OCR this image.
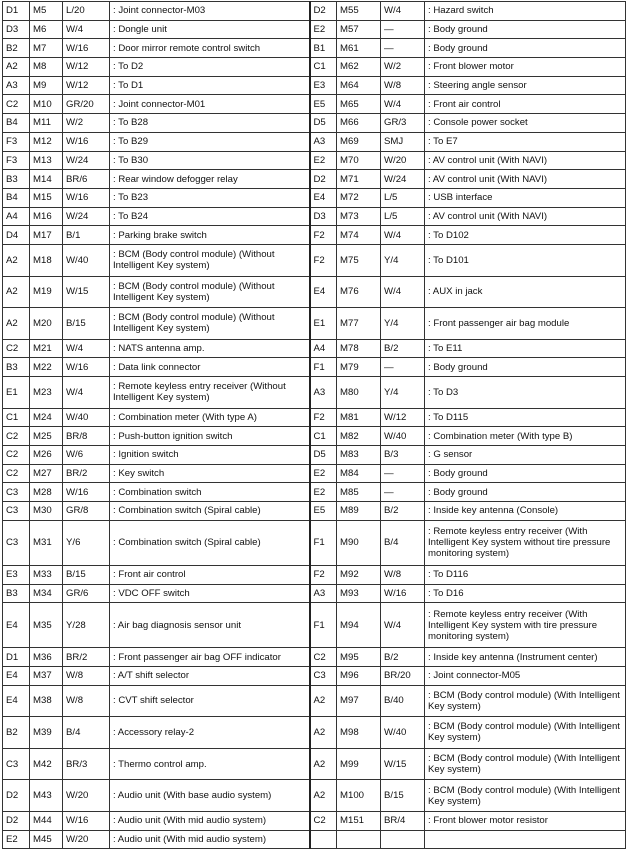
D1	M5	L/20	: Joint connector-M03	D2	M55	W/4	: Hazard switch
D3	M6	W/4	: Dongle unit	E2	M57	—	: Body ground
B2	M7	W/16	: Door mirror remote control switch	B1	M61	—	: Body ground
A2	M8	W/12	: To D2	C1	M62	W/2	: Front blower motor
A3	M9	W/12	: To D1	E3	M64	W/8	: Steering angle sensor
C2	M10	GR/20	: Joint connector-M01	E5	M65	W/4	: Front air control
B4	M11	W/2	: To B28	D5	M66	GR/3	: Console power socket
F3	M12	W/16	: To B29	A3	M69	SMJ	: To E7
F3	M13	W/24	: To B30	E2	M70	W/20	: AV control unit (With NAVI)
B3	M14	BR/6	: Rear window defogger relay	D2	M71	W/24	: AV control unit (With NAVI)
B4	M15	W/16	: To B23	E4	M72	L/5	: USB interface
A4	M16	W/24	: To B24	D3	M73	L/5	: AV control unit (With NAVI)
D4	M17	B/1	: Parking brake switch	F2	M74	W/4	: To D102
A2	M18	W/40	: BCM (Body control module) (Without Intelligent Key system)	F2	M75	Y/4	: To D101
A2	M19	W/15	: BCM (Body control module) (Without Intelligent Key system)	E4	M76	W/4	: AUX in jack
A2	M20	B/15	: BCM (Body control module) (Without Intelligent Key system)	E1	M77	Y/4	: Front passenger air bag module
C2	M21	W/4	: NATS antenna amp.	A4	M78	B/2	: To E11
B3	M22	W/16	: Data link connector	F1	M79	—	: Body ground
E1	M23	W/4	: Remote keyless entry receiver (Without Intelligent Key system)	A3	M80	Y/4	: To D3
C1	M24	W/40	: Combination meter (With type A)	F2	M81	W/12	: To D115
C2	M25	BR/8	: Push-button ignition switch	C1	M82	W/40	: Combination meter (With type B)
C2	M26	W/6	: Ignition switch	D5	M83	B/3	: G sensor
C2	M27	BR/2	: Key switch	E2	M84	—	: Body ground
C3	M28	W/16	: Combination switch	E2	M85	—	: Body ground
C3	M30	GR/8	: Combination switch (Spiral cable)	E5	M89	B/2	: Inside key antenna (Console)
C3	M31	Y/6	: Combination switch (Spiral cable)	F1	M90	B/4	: Remote keyless entry receiver (With Intelligent Key system without tire pressure monitoring system)
E3	M33	B/15	: Front air control	F2	M92	W/8	: To D116
B3	M34	GR/6	: VDC OFF switch	A3	M93	W/16	: To D16
E4	M35	Y/28	: Air bag diagnosis sensor unit	F1	M94	W/4	: Remote keyless entry receiver (With Intelligent Key system with tire pressure monitoring system)
D1	M36	BR/2	: Front passenger air bag OFF indicator	C2	M95	B/2	: Inside key antenna (Instrument center)
E4	M37	W/8	: A/T shift selector	C3	M96	BR/20	: Joint connector-M05
E4	M38	W/8	: CVT shift selector	A2	M97	B/40	: BCM (Body control module) (With Intelligent Key system)
B2	M39	B/4	: Accessory relay-2	A2	M98	W/40	: BCM (Body control module) (With Intelligent Key system)
C3	M42	BR/3	: Thermo control amp.	A2	M99	W/15	: BCM (Body control module) (With Intelligent Key system)
D2	M43	W/20	: Audio unit (With base audio system)	A2	M100	B/15	: BCM (Body control module) (With Intelligent Key system)
D2	M44	W/16	: Audio unit (With mid audio system)	C2	M151	BR/4	: Front blower motor resistor
E2	M45	W/20	: Audio unit (With mid audio system)				
